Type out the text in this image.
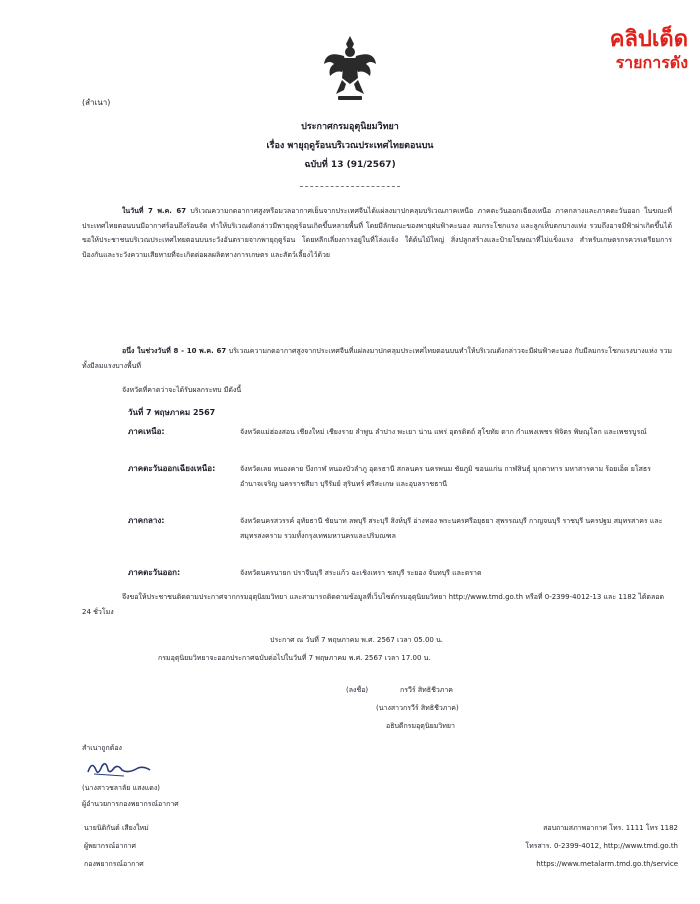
คลิปเด็ด
รายการดัง
(สำเนา)
ประกาศกรมอุตุนิยมวิทยา
เรื่อง พายุฤดูร้อนบริเวณประเทศไทยตอนบน
ฉบับที่ 13 (91/2567)

ในวันที่ 7 พ.ค. 67 บริเวณความกดอากาศสูงหรือมวลอากาศเย็นจากประเทศจีนได้แผ่ลงมาปกคลุมบริเวณภาคเหนือ ภาคตะวันออกเฉียงเหนือ ภาคกลางและภาคตะวันออก ในขณะที่ประเทศไทยตอนบนมีอากาศร้อนถึงร้อนจัด ทำให้บริเวณดังกล่าวมีพายุฤดูร้อนเกิดขึ้นหลายพื้นที่ โดยมีลักษณะของพายุฝนฟ้าคะนอง ลมกระโชกแรง และลูกเห็บตกบางแห่ง รวมถึงอาจมีฟ้าผ่าเกิดขึ้นได้ ขอให้ประชาชนบริเวณประเทศไทยตอนบนระวังอันตรายจากพายุฤดูร้อน โดยหลีกเลี่ยงการอยู่ในที่โล่งแจ้ง ใต้ต้นไม้ใหญ่ สิ่งปลูกสร้างและป้ายโฆษณาที่ไม่แข็งแรง สำหรับเกษตรกรควรเตรียมการป้องกันและระวังความเสียหายที่จะเกิดต่อผลผลิตทางการเกษตร และสัตว์เลี้ยงไว้ด้วย

อนึ่ง ในช่วงวันที่ 8 - 10 พ.ค. 67 บริเวณความกดอากาศสูงจากประเทศจีนที่แผ่ลงมาปกคลุมประเทศไทยตอนบนทำให้บริเวณดังกล่าวจะมีฝนฟ้าคะนอง กับมีลมกระโชกแรงบางแห่ง รวมทั้งมีลมแรงบางพื้นที่

จังหวัดที่คาดว่าจะได้รับผลกระทบ มีดังนี้
วันที่ 7 พฤษภาคม 2567
ภาคเหนือ:	จังหวัดแม่ฮ่องสอน เชียงใหม่ เชียงราย ลำพูน ลำปาง พะเยา น่าน แพร่ อุตรดิตถ์ สุโขทัย ตาก กำแพงเพชร พิจิตร พิษณุโลก และเพชรบูรณ์
ภาคตะวันออกเฉียงเหนือ:	จังหวัดเลย หนองคาย บึงกาฬ หนองบัวลำภู อุดรธานี สกลนคร นครพนม ชัยภูมิ ขอนแก่น กาฬสินธุ์ มุกดาหาร มหาสารคาม ร้อยเอ็ด ยโสธร อำนาจเจริญ นครราชสีมา บุรีรัมย์ สุรินทร์ ศรีสะเกษ และอุบลราชธานี
ภาคกลาง:	จังหวัดนครสวรรค์ อุทัยธานี ชัยนาท ลพบุรี สระบุรี สิงห์บุรี อ่างทอง พระนครศรีอยุธยา สุพรรณบุรี กาญจนบุรี ราชบุรี นครปฐม สมุทรสาคร และสมุทรสงคราม รวมทั้งกรุงเทพมหานครและปริมณฑล
ภาคตะวันออก:	จังหวัดนครนายก ปราจีนบุรี สระแก้ว ฉะเชิงเทรา ชลบุรี ระยอง จันทบุรี และตราด
จึงขอให้ประชาชนติดตามประกาศจากกรมอุตุนิยมวิทยา และสามารถติดตามข้อมูลที่เว็บไซต์กรมอุตุนิยมวิทยา http://www.tmd.go.th หรือที่ 0-2399-4012-13 และ 1182 ได้ตลอด 24 ชั่วโมง
ประกาศ ณ วันที่ 7 พฤษภาคม พ.ศ. 2567 เวลา 05.00 น.
กรมอุตุนิยมวิทยาจะออกประกาศฉบับต่อไปในวันที่ 7 พฤษภาคม พ.ศ. 2567 เวลา 17.00 น.
(ลงชื่อ)	กรวีร์ สิทธิชีวภาค
(นางสาวกรวีร์ สิทธิชีวภาค)
อธิบดีกรมอุตุนิยมวิทยา
สำเนาถูกต้อง
(นางสาวชลาลัย แสงแดง)
ผู้อำนวยการกองพยากรณ์อากาศ
นายนิติกันต์ เสียงใหม่
ผู้พยากรณ์อากาศ
กองพยากรณ์อากาศ
สอบถามสภาพอากาศ โทร. 1111 โทร 1182
โทรสาร. 0-2399-4012, http://www.tmd.go.th
https://www.metalarm.tmd.go.th/service
